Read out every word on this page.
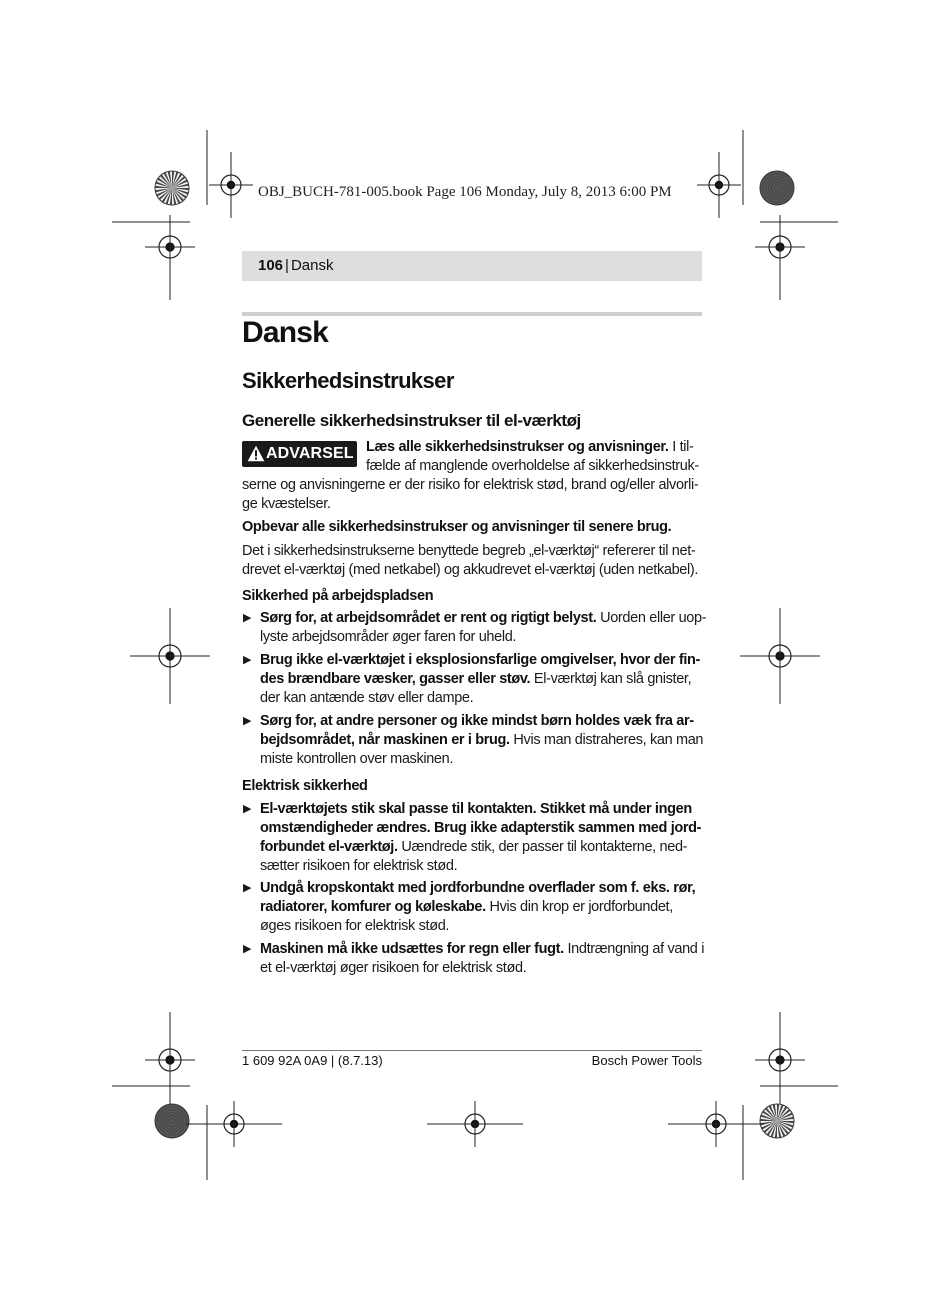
OBJ_BUCH-781-005.book Page 106 Monday, July 8, 2013 6:00 PM
106 | Dansk
Dansk
Sikkerhedsinstrukser
Generelle sikkerhedsinstrukser til el-værktøj
ADVARSEL Læs alle sikkerhedsinstrukser og anvisninger. I til-
fælde af manglende overholdelse af sikkerhedsinstruk-
serne og anvisningerne er der risiko for elektrisk stød, brand og/eller alvorli-
ge kvæstelser.
Opbevar alle sikkerhedsinstrukser og anvisninger til senere brug.
Det i sikkerhedsinstrukserne benyttede begreb „el-værktøj“ refererer til net-
drevet el-værktøj (med netkabel) og akkudrevet el-værktøj (uden netkabel).
Sikkerhed på arbejdspladsen
▶ Sørg for, at arbejdsområdet er rent og rigtigt belyst. Uorden eller uop-
lyste arbejdsområder øger faren for uheld.
▶ Brug ikke el-værktøjet i eksplosionsfarlige omgivelser, hvor der fin-
des brændbare væsker, gasser eller støv. El-værktøj kan slå gnister,
der kan antænde støv eller dampe.
▶ Sørg for, at andre personer og ikke mindst børn holdes væk fra ar-
bejdsområdet, når maskinen er i brug. Hvis man distraheres, kan man
miste kontrollen over maskinen.
Elektrisk sikkerhed
▶ El-værktøjets stik skal passe til kontakten. Stikket må under ingen
omstændigheder ændres. Brug ikke adapterstik sammen med jord-
forbundet el-værktøj. Uændrede stik, der passer til kontakterne, ned-
sætter risikoen for elektrisk stød.
▶ Undgå kropskontakt med jordforbundne overflader som f. eks. rør,
radiatorer, komfurer og køleskabe. Hvis din krop er jordforbundet,
øges risikoen for elektrisk stød.
▶ Maskinen må ikke udsættes for regn eller fugt. Indtrængning af vand i
et el-værktøj øger risikoen for elektrisk stød.
1 609 92A 0A9 | (8.7.13)	Bosch Power Tools
